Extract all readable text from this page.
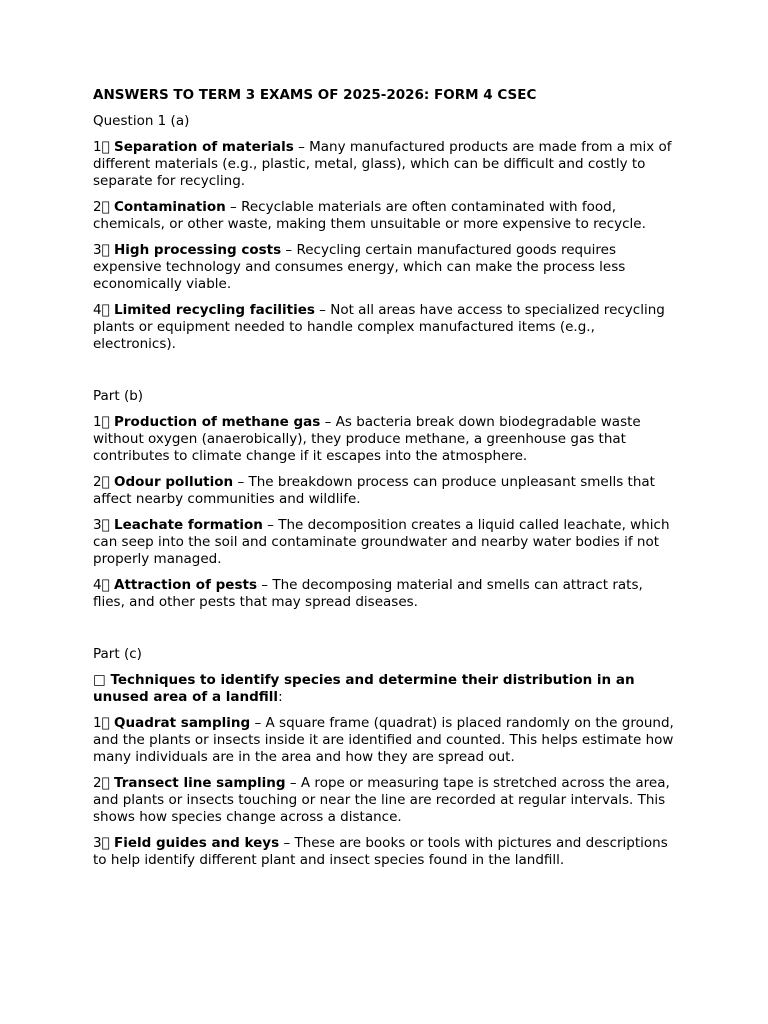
ANSWERS TO TERM 3 EXAMS OF 2025-2026: FORM 4 CSEC
Question 1 (a)
1⃣ Separation of materials – Many manufactured products are made from a mix of different materials (e.g., plastic, metal, glass), which can be difficult and costly to separate for recycling.
2⃣ Contamination – Recyclable materials are often contaminated with food, chemicals, or other waste, making them unsuitable or more expensive to recycle.
3⃣ High processing costs – Recycling certain manufactured goods requires expensive technology and consumes energy, which can make the process less economically viable.
4⃣ Limited recycling facilities – Not all areas have access to specialized recycling plants or equipment needed to handle complex manufactured items (e.g., electronics).
Part (b)
1⃣ Production of methane gas – As bacteria break down biodegradable waste without oxygen (anaerobically), they produce methane, a greenhouse gas that contributes to climate change if it escapes into the atmosphere.
2⃣ Odour pollution – The breakdown process can produce unpleasant smells that affect nearby communities and wildlife.
3⃣ Leachate formation – The decomposition creates a liquid called leachate, which can seep into the soil and contaminate groundwater and nearby water bodies if not properly managed.
4⃣ Attraction of pests – The decomposing material and smells can attract rats, flies, and other pests that may spread diseases.
Part (c)
□ Techniques to identify species and determine their distribution in an unused area of a landfill:
1⃣ Quadrat sampling – A square frame (quadrat) is placed randomly on the ground, and the plants or insects inside it are identified and counted. This helps estimate how many individuals are in the area and how they are spread out.
2⃣ Transect line sampling – A rope or measuring tape is stretched across the area, and plants or insects touching or near the line are recorded at regular intervals. This shows how species change across a distance.
3⃣ Field guides and keys – These are books or tools with pictures and descriptions to help identify different plant and insect species found in the landfill.
